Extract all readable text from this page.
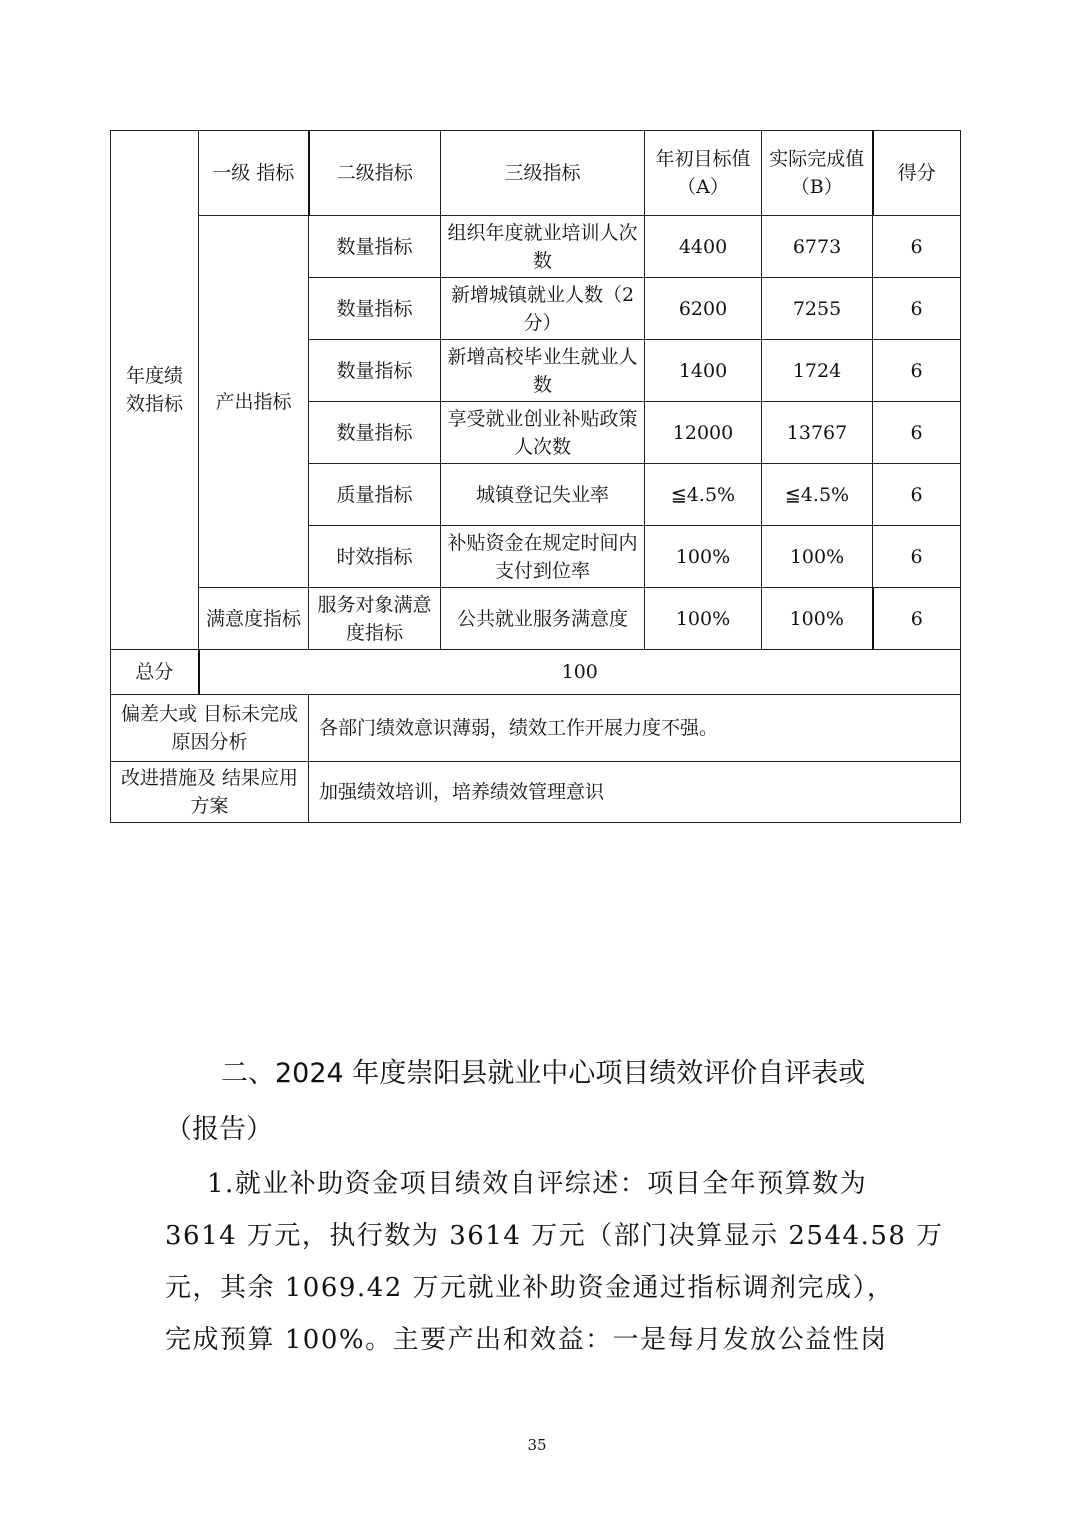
年度绩效指标	一级 指标	二级指标	三级指标	年初目标值（A）	实际完成值（B）	得分
	产出指标	数量指标	组织年度就业培训人次数	4400	6773	6
		数量指标	新增城镇就业人数（2分）	6200	7255	6
		数量指标	新增高校毕业生就业人数	1400	1724	6
		数量指标	享受就业创业补贴政策人次数	12000	13767	6
		质量指标	城镇登记失业率	≦4.5%	≦4.5%	6
		时效指标	补贴资金在规定时间内支付到位率	100%	100%	6
	满意度指标	服务对象满意度指标	公共就业服务满意度	100%	100%	6
总分	100					
偏差大或 目标未完成 原因分析		各部门绩效意识薄弱，绩效工作开展力度不强。				
改进措施及 结果应用方案		加强绩效培训，培养绩效管理意识				
二、2024 年度崇阳县就业中心项目绩效评价自评表或
（报告）
1.就业补助资金项目绩效自评综述：项目全年预算数为
3614 万元，执行数为 3614 万元（部门决算显示 2544.58 万
元，其余 1069.42 万元就业补助资金通过指标调剂完成），
完成预算 100%。主要产出和效益：一是每月发放公益性岗
35
